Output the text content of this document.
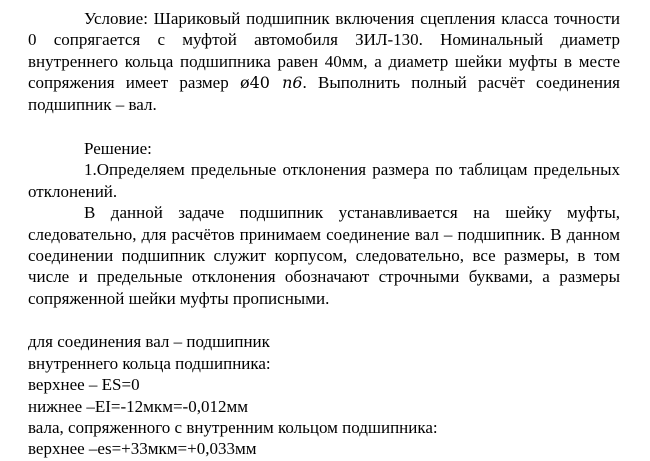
Условие: Шариковый подшипник включения сцепления класса точности 0 сопрягается с муфтой автомобиля ЗИЛ-130. Номинальный диаметр внутреннего кольца подшипника равен 40мм, а диаметр шейки муфты в месте сопряжения имеет размер ø40 n6. Выполнить полный расчёт соединения подшипник – вал.

Решение:

1.Определяем предельные отклонения размера по таблицам предельных отклонений.

В данной задаче подшипник устанавливается на шейку муфты, следовательно, для расчётов принимаем соединение вал – подшипник. В данном соединении подшипник служит корпусом, следовательно, все размеры, в том числе и предельные отклонения обозначают строчными буквами, а размеры сопряженной шейки муфты прописными.

для соединения вал – подшипник

внутреннего кольца подшипника:

верхнее – ES=0

нижнее –EI=-12мкм=-0,012мм

вала, сопряженного с внутренним кольцом подшипника:

верхнее –es=+33мкм=+0,033мм
